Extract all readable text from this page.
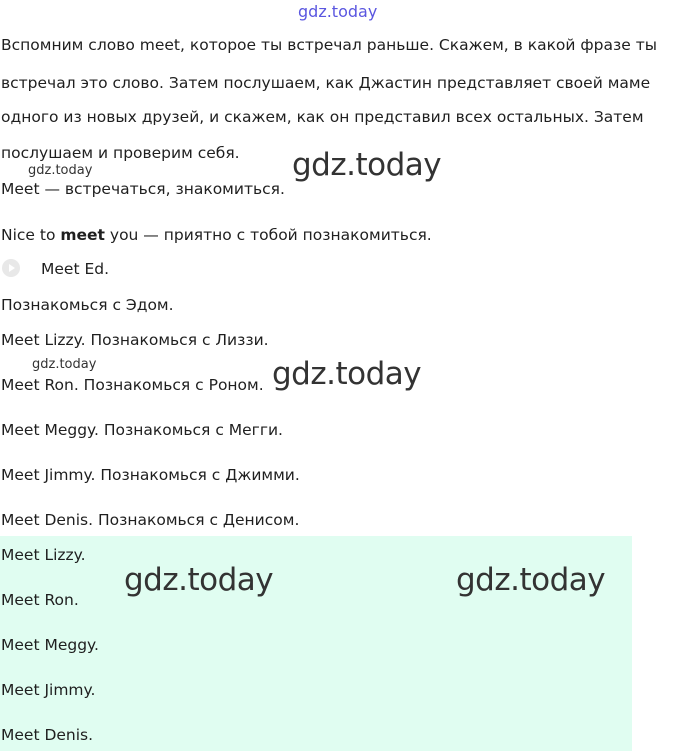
gdz.today
Вспомним слово meet, которое ты встречал раньше. Скажем, в какой фразе ты
встречал это слово. Затем послушаем, как Джастин представляет своей маме
одного из новых друзей, и скажем, как он представил всех остальных. Затем
послушаем и проверим себя.
gdz.today	gdz.today
Meet — встречаться, знакомиться.
Nice to meet you — приятно с тобой познакомиться.
Meet Ed.
Познакомься с Эдом.
Meet Lizzy. Познакомься с Лиззи.
gdz.today	gdz.today
Meet Ron. Познакомься с Роном.
Meet Meggy. Познакомься с Мегги.
Meet Jimmy. Познакомься с Джимми.
Meet Denis. Познакомься с Денисом.
Meet Lizzy.
Meet Ron.
Meet Meggy.
Meet Jimmy.
Meet Denis.
gdz.today	gdz.today
